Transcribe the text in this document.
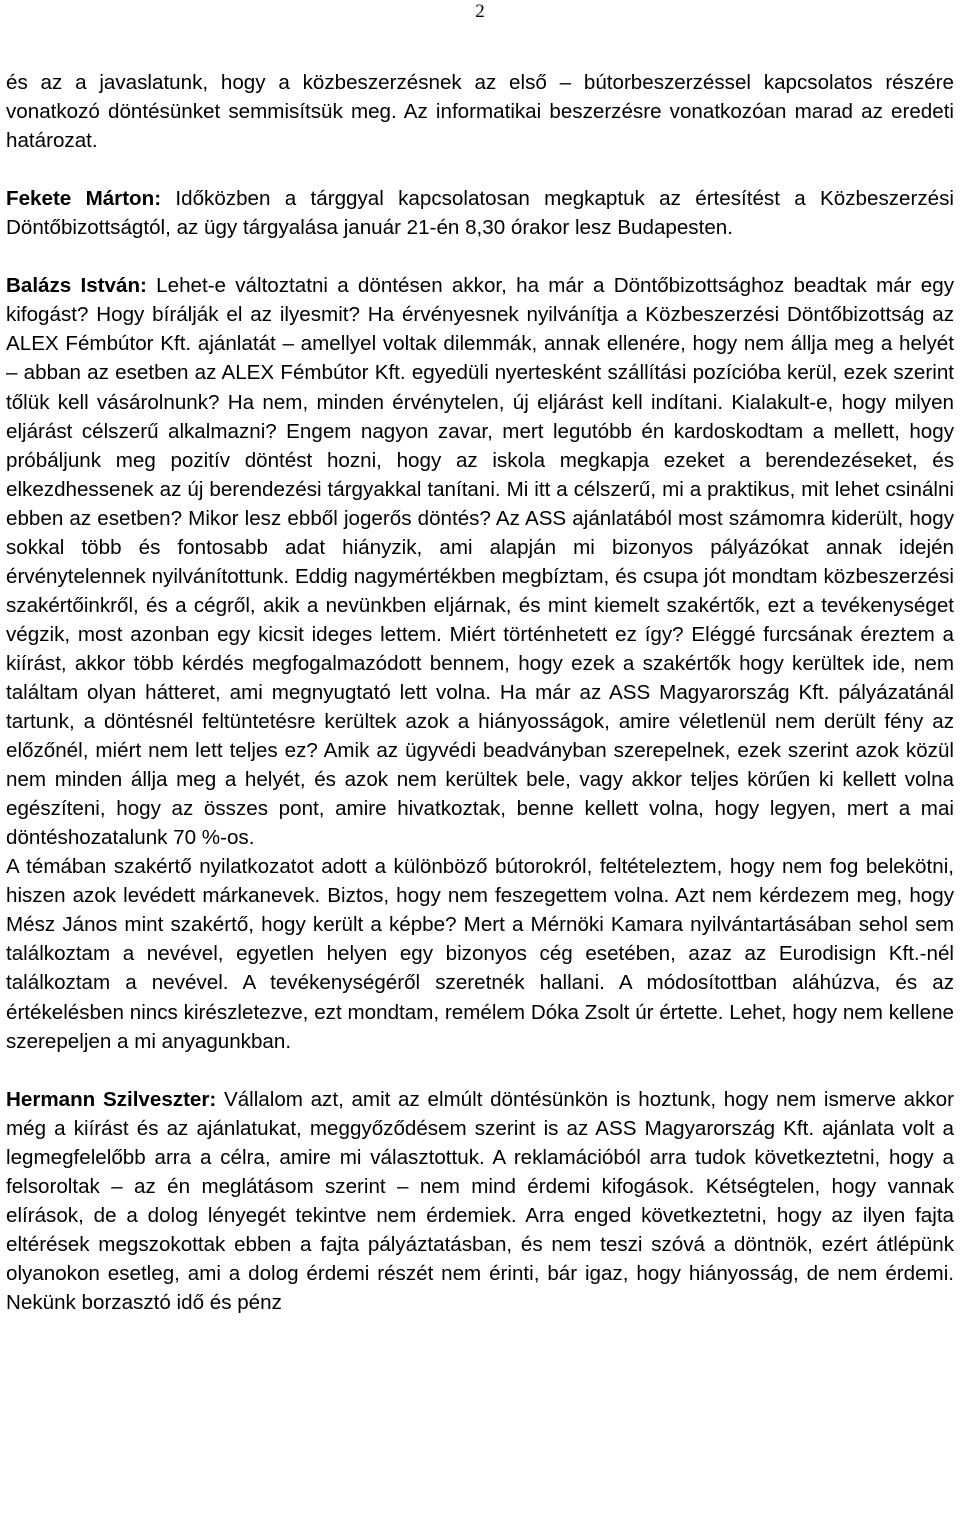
2

és az a javaslatunk, hogy a közbeszerzésnek az első – bútorbeszerzéssel kapcsolatos részére vonatkozó döntésünket semmisítsük meg. Az informatikai beszerzésre vonatkozóan marad az eredeti határozat.

Fekete Márton: Időközben a tárggyal kapcsolatosan megkaptuk az értesítést a Közbeszerzési Döntőbizottságtól, az ügy tárgyalása január 21-én 8,30 órakor lesz Budapesten.

Balázs István: Lehet-e változtatni a döntésen akkor, ha már a Döntőbizottsághoz beadtak már egy kifogást? Hogy bírálják el az ilyesmit? Ha érvényesnek nyilvánítja a Közbeszerzési Döntőbizottság az ALEX Fémbútor Kft. ajánlatát – amellyel voltak dilemmák, annak ellenére, hogy nem állja meg a helyét – abban az esetben az ALEX Fémbútor Kft. egyedüli nyertesként szállítási pozícióba kerül, ezek szerint tőlük kell vásárolnunk? Ha nem, minden érvénytelen, új eljárást kell indítani. Kialakult-e, hogy milyen eljárást célszerű alkalmazni? Engem nagyon zavar, mert legutóbb én kardoskodtam a mellett, hogy próbáljunk meg pozitív döntést hozni, hogy az iskola megkapja ezeket a berendezéseket, és elkezdhessenek az új berendezési tárgyakkal tanítani. Mi itt a célszerű, mi a praktikus, mit lehet csinálni ebben az esetben? Mikor lesz ebből jogerős döntés? Az ASS ajánlatából most számomra kiderült, hogy sokkal több és fontosabb adat hiányzik, ami alapján mi bizonyos pályázókat annak idején érvénytelennek nyilvánítottunk. Eddig nagymértékben megbíztam, és csupa jót mondtam közbeszerzési szakértőinkről, és a cégről, akik a nevünkben eljárnak, és mint kiemelt szakértők, ezt a tevékenységet végzik, most azonban egy kicsit ideges lettem. Miért történhetett ez így? Eléggé furcsának éreztem a kiírást, akkor több kérdés megfogalmazódott bennem, hogy ezek a szakértők hogy kerültek ide, nem találtam olyan hátteret, ami megnyugtató lett volna. Ha már az ASS Magyarország Kft. pályázatánál tartunk, a döntésnél feltüntetésre kerültek azok a hiányosságok, amire véletlenül nem derült fény az előzőnél, miért nem lett teljes ez? Amik az ügyvédi beadványban szerepelnek, ezek szerint azok közül nem minden állja meg a helyét, és azok nem kerültek bele, vagy akkor teljes körűen ki kellett volna egészíteni, hogy az összes pont, amire hivatkoztak, benne kellett volna, hogy legyen, mert a mai döntéshozatalunk 70 %-os.

A témában szakértő nyilatkozatot adott a különböző bútorokról, feltételeztem, hogy nem fog belekötni, hiszen azok levédett márkanevek. Biztos, hogy nem feszegettem volna. Azt nem kérdezem meg, hogy Mész János mint szakértő, hogy került a képbe? Mert a Mérnöki Kamara nyilvántartásában sehol sem találkoztam a nevével, egyetlen helyen egy bizonyos cég esetében, azaz az Eurodisign Kft.-nél találkoztam a nevével. A tevékenységéről szeretnék hallani. A módosítottban aláhúzva, és az értékelésben nincs kirészletezve, ezt mondtam, remélem Dóka Zsolt úr értette. Lehet, hogy nem kellene szerepeljen a mi anyagunkban.

Hermann Szilveszter: Vállalom azt, amit az elmúlt döntésünkön is hoztunk, hogy nem ismerve akkor még a kiírást és az ajánlatukat, meggyőződésem szerint is az ASS Magyarország Kft. ajánlata volt a legmegfelelőbb arra a célra, amire mi választottuk. A reklamációból arra tudok következtetni, hogy a felsoroltak – az én meglátásom szerint – nem mind érdemi kifogások. Kétségtelen, hogy vannak elírások, de a dolog lényegét tekintve nem érdemiek. Arra enged következtetni, hogy az ilyen fajta eltérések megszokottak ebben a fajta pályáztatásban, és nem teszi szóvá a döntnök, ezért átlépünk olyanokon esetleg, ami a dolog érdemi részét nem érinti, bár igaz, hogy hiányosság, de nem érdemi. Nekünk borzasztó idő és pénz
